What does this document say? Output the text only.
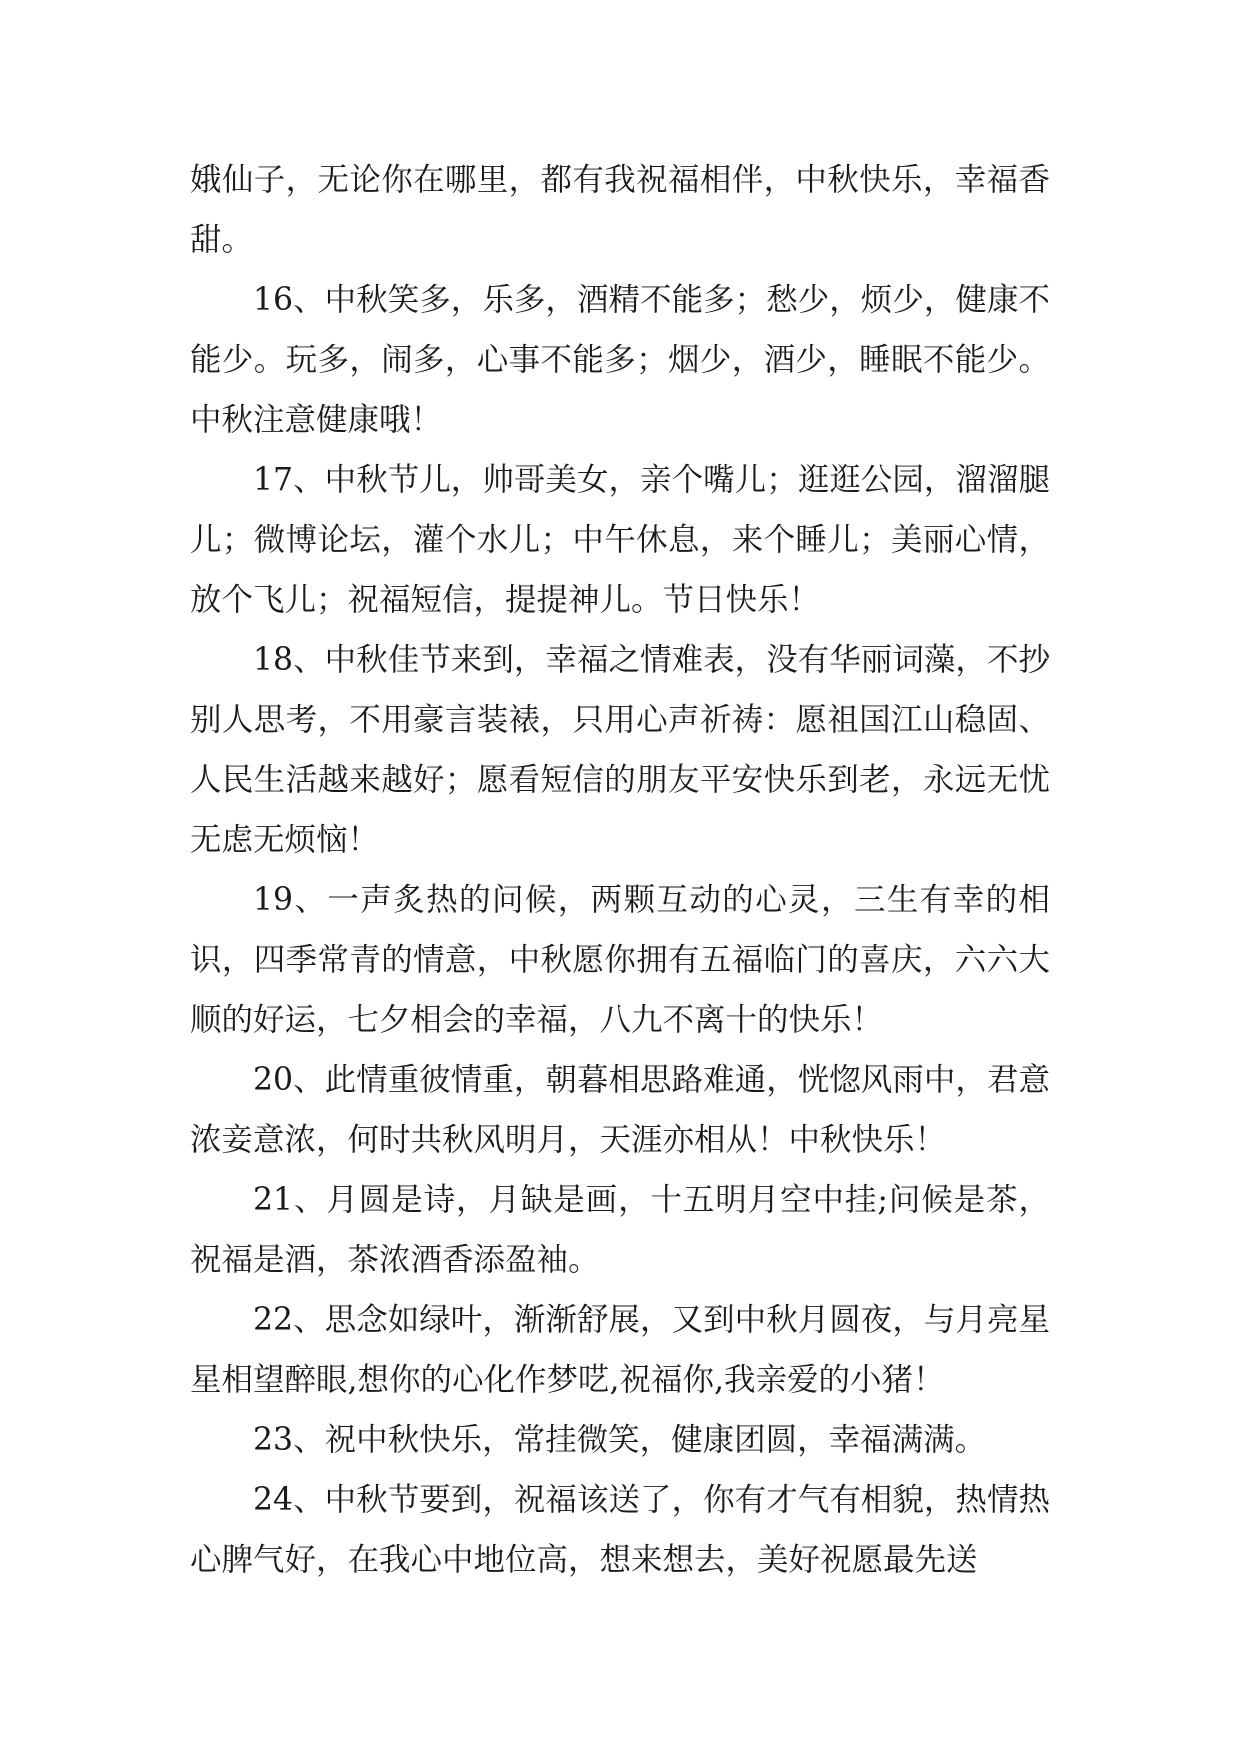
娥仙子，无论你在哪里，都有我祝福相伴，中秋快乐，幸福香甜。

16、中秋笑多，乐多，酒精不能多；愁少，烦少，健康不能少。玩多，闹多，心事不能多；烟少，酒少，睡眠不能少。中秋注意健康哦！

17、中秋节儿，帅哥美女，亲个嘴儿；逛逛公园，溜溜腿儿；微博论坛，灌个水儿；中午休息，来个睡儿；美丽心情，放个飞儿；祝福短信，提提神儿。节日快乐！

18、中秋佳节来到，幸福之情难表，没有华丽词藻，不抄别人思考，不用豪言装裱，只用心声祈祷：愿祖国江山稳固、人民生活越来越好；愿看短信的朋友平安快乐到老，永远无忧无虑无烦恼！

19、一声炙热的问候，两颗互动的心灵，三生有幸的相识，四季常青的情意，中秋愿你拥有五福临门的喜庆，六六大顺的好运，七夕相会的幸福，八九不离十的快乐！

20、此情重彼情重，朝暮相思路难通，恍惚风雨中，君意浓妾意浓，何时共秋风明月，天涯亦相从！中秋快乐！

21、月圆是诗，月缺是画，十五明月空中挂;问候是茶，祝福是酒，茶浓酒香添盈袖。

22、思念如绿叶，渐渐舒展，又到中秋月圆夜，与月亮星星相望醉眼,想你的心化作梦呓,祝福你,我亲爱的小猪！

23、祝中秋快乐，常挂微笑，健康团圆，幸福满满。

24、中秋节要到，祝福该送了，你有才气有相貌，热情热心脾气好，在我心中地位高，想来想去，美好祝愿最先送
